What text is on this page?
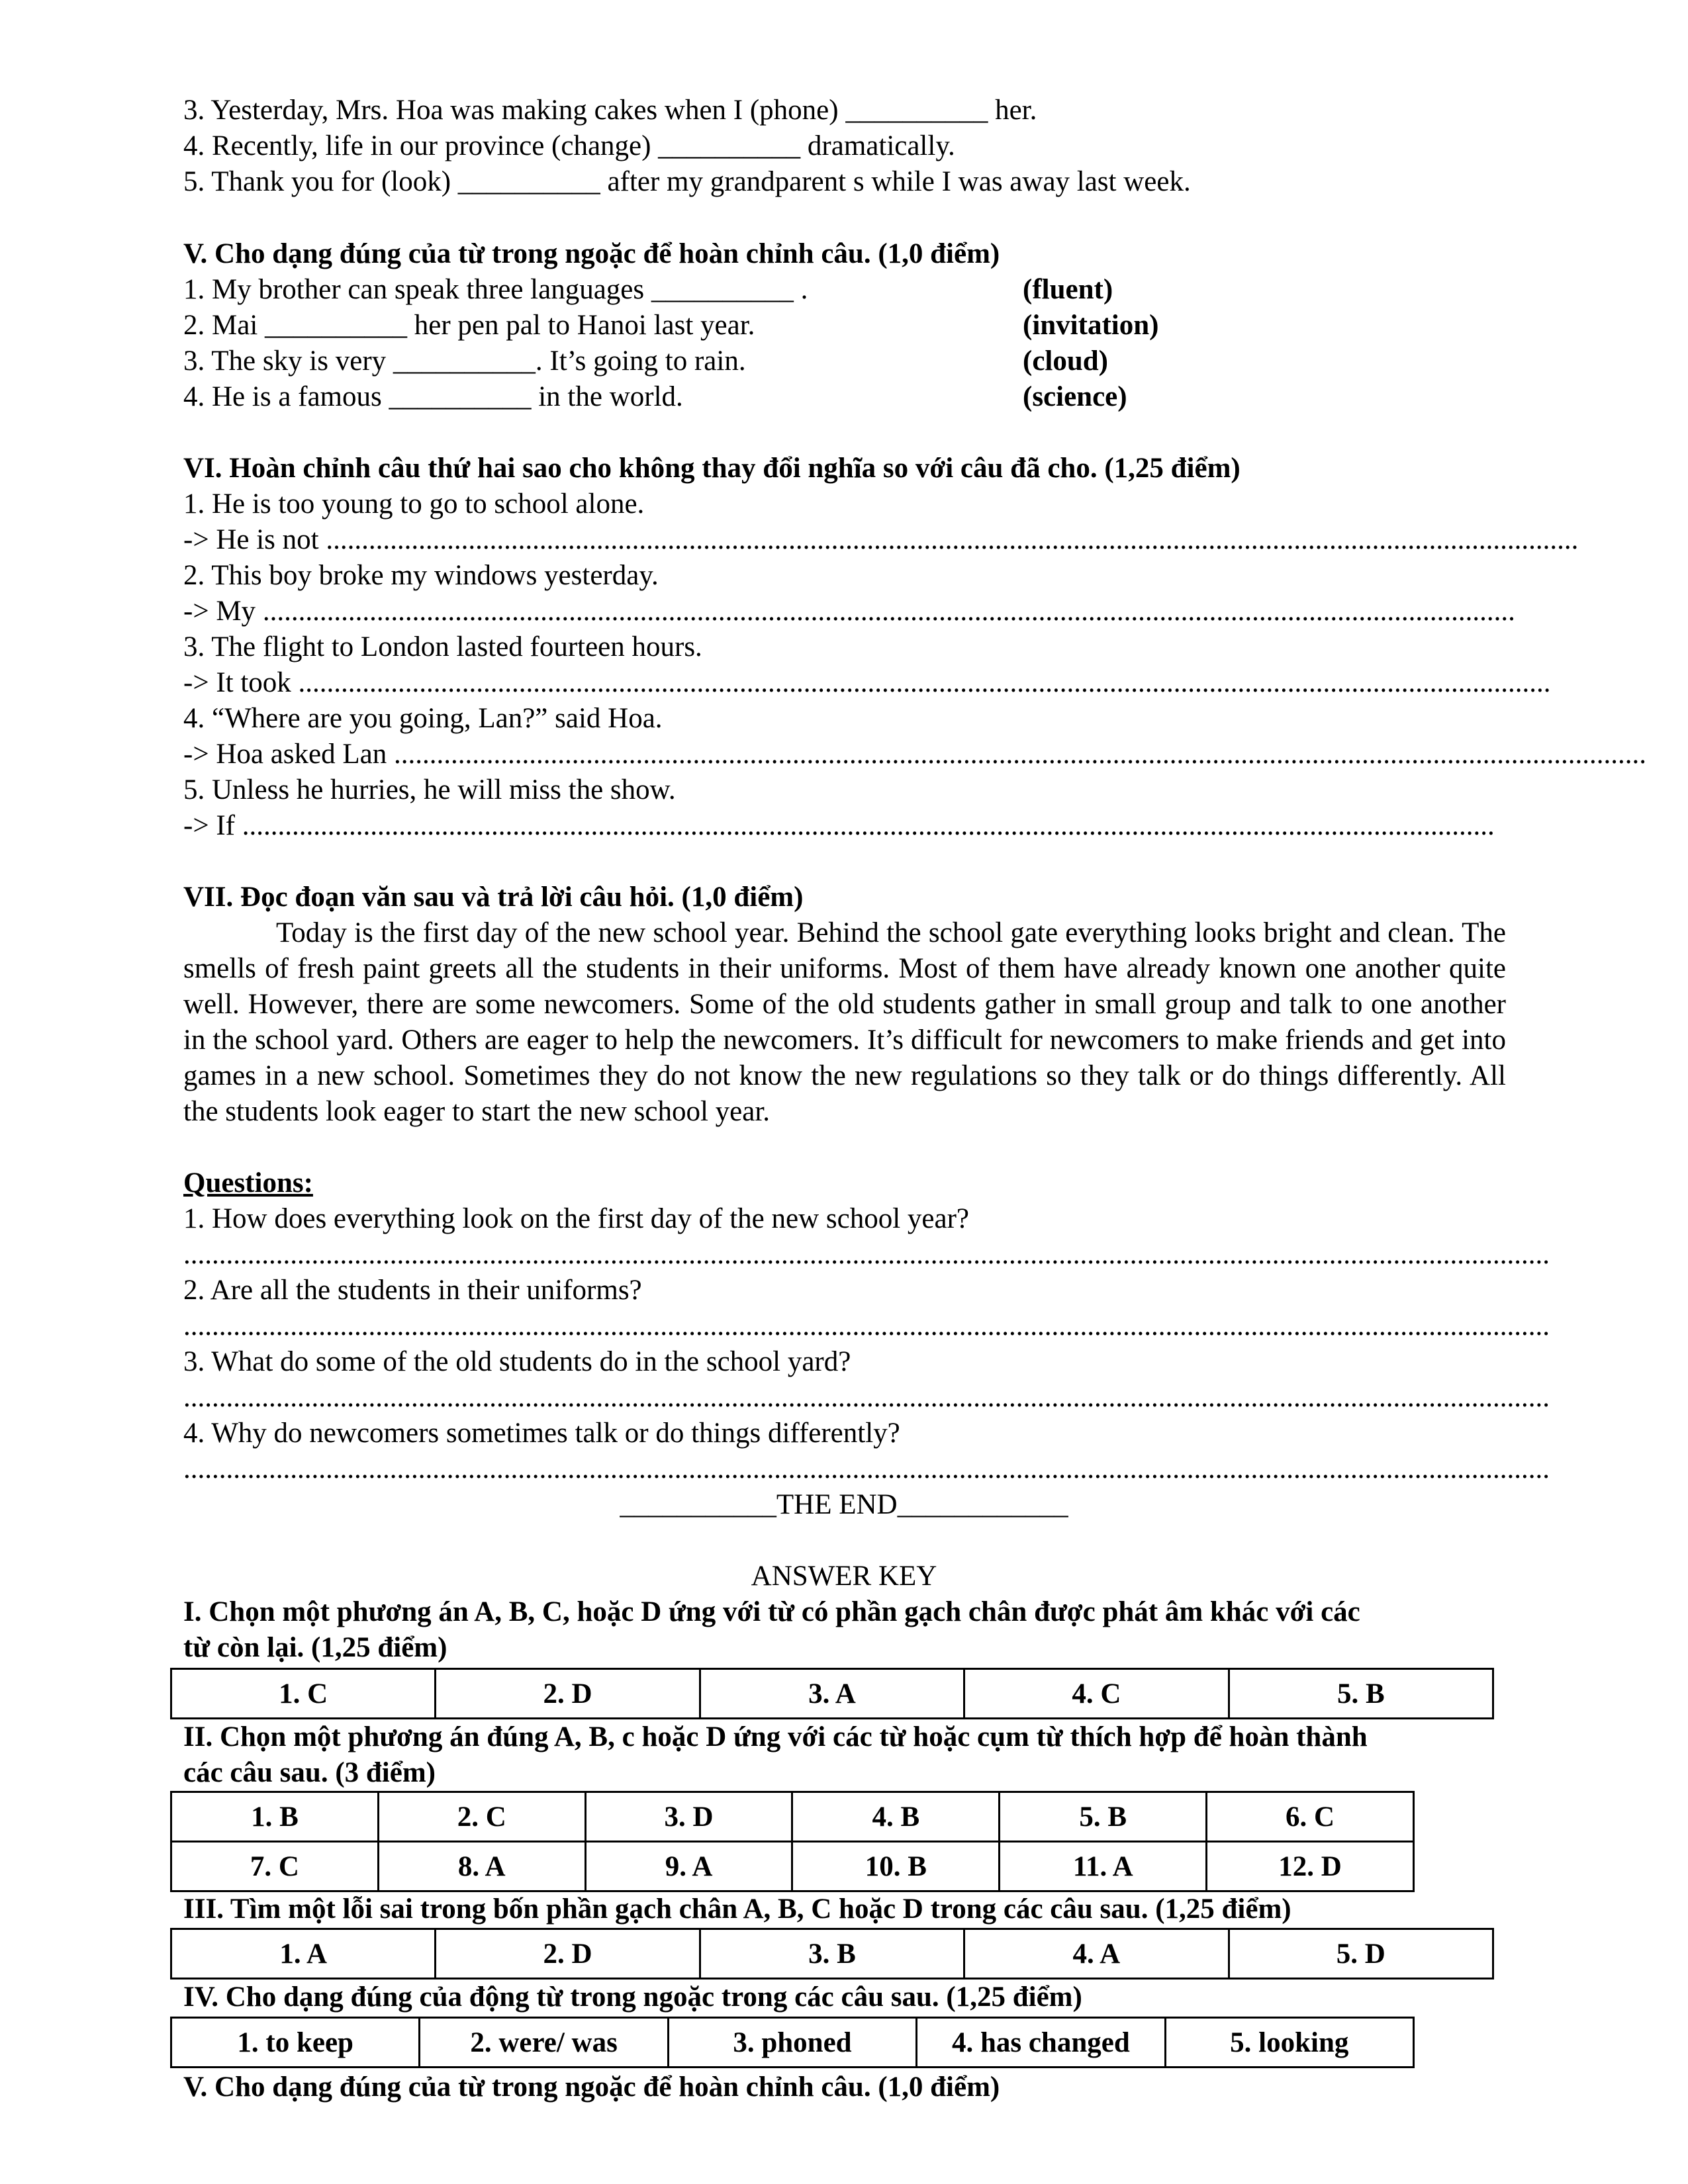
3. Yesterday, Mrs. Hoa was making cakes when I (phone) __________ her.
4. Recently, life in our province (change) __________ dramatically.
5. Thank you for (look) __________ after my grandparent s while I was away last week.
V. Cho dạng đúng của từ trong ngoặc để hoàn chỉnh câu. (1,0 điểm)
1. My brother can speak three languages __________ .	(fluent)
2. Mai __________ her pen pal to Hanoi last year.	(invitation)
3. The sky is very __________. It’s going to rain.	(cloud)
4. He is a famous __________ in the world.	(science)
VI. Hoàn chỉnh câu thứ hai sao cho không thay đổi nghĩa so với câu đã cho. (1,25 điểm)
1. He is too young to go to school alone.
-> He is not ................................................................................................................................................................................
2. This boy broke my windows yesterday.
-> My ................................................................................................................................................................................
3. The flight to London lasted fourteen hours.
-> It took ................................................................................................................................................................................
4. “Where are you going, Lan?” said Hoa.
-> Hoa asked Lan ................................................................................................................................................................................
5. Unless he hurries, he will miss the show.
-> If ................................................................................................................................................................................
VII. Đọc đoạn văn sau và trả lời câu hỏi. (1,0 điểm)

Today is the first day of the new school year. Behind the school gate everything looks bright and clean. The smells of fresh paint greets all the students in their uniforms. Most of them have already known one another quite well. However, there are some newcomers. Some of the old students gather in small group and talk to one another in the school yard. Others are eager to help the newcomers. It’s difficult for newcomers to make friends and get into games in a new school. Sometimes they do not know the new regulations so they talk or do things differently. All the students look eager to start the new school year.

Questions:
1. How does everything look on the first day of the new school year?
................................................................................................................................................................................................
2. Are all the students in their uniforms?
................................................................................................................................................................................................
3. What do some of the old students do in the school yard?
................................................................................................................................................................................................
4. Why do newcomers sometimes talk or do things differently?
................................................................................................................................................................................................
___________THE END____________
ANSWER KEY
I. Chọn một phương án A, B, C, hoặc D ứng với từ có phần gạch chân được phát âm khác với các
từ còn lại. (1,25 điểm)
1. C	2. D	3. A	4. C	5. B
II. Chọn một phương án đúng A, B, c hoặc D ứng với các từ hoặc cụm từ thích hợp để hoàn thành
các câu sau. (3 điểm)
1. B	2. C	3. D	4. B	5. B	6. C
7. C	8. A	9. A	10. B	11. A	12. D
III. Tìm một lỗi sai trong bốn phần gạch chân A, B, C hoặc D trong các câu sau. (1,25 điểm)
1. A	2. D	3. B	4. A	5. D
IV. Cho dạng đúng của động từ trong ngoặc trong các câu sau. (1,25 điểm)
1. to keep	2. were/ was	3. phoned	4. has changed	5. looking
V. Cho dạng đúng của từ trong ngoặc để hoàn chỉnh câu. (1,0 điểm)
